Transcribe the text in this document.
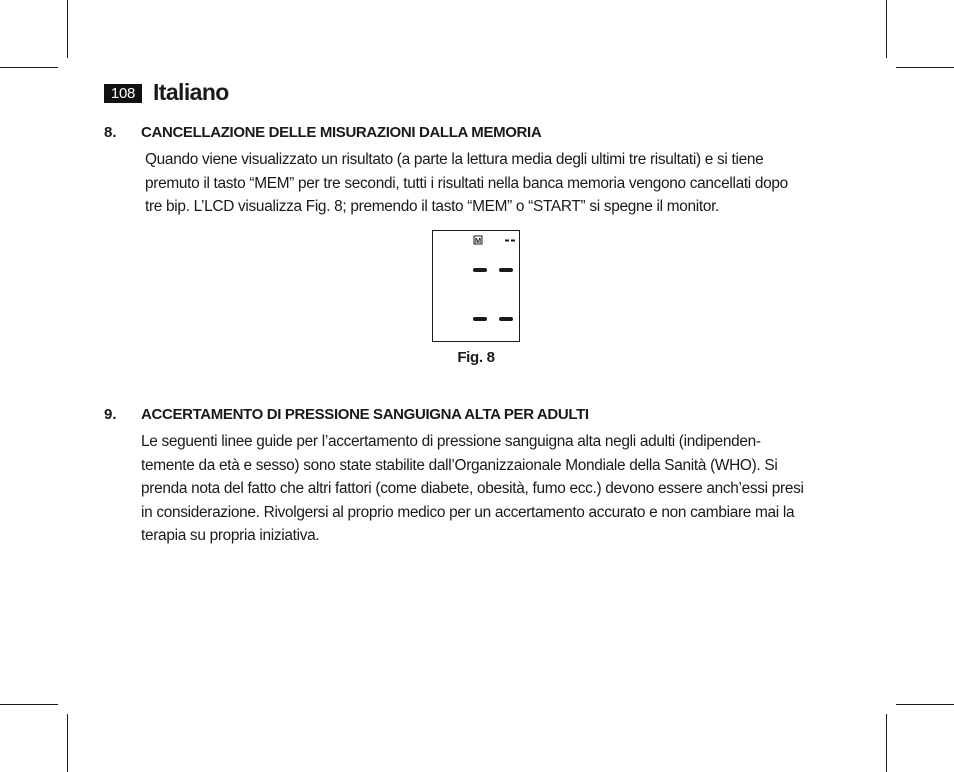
108 Italiano
8. CANCELLAZIONE DELLE MISURAZIONI DALLA MEMORIA
Quando viene visualizzato un risultato (a parte la lettura media degli ultimi tre risultati) e si tiene
premuto il tasto “MEM” per tre secondi, tutti i risultati nella banca memoria vengono cancellati dopo
tre bip. L’LCD visualizza Fig. 8; premendo il tasto “MEM” o “START” si spegne il monitor.
M
Fig. 8
9. ACCERTAMENTO DI PRESSIONE SANGUIGNA ALTA PER ADULTI
Le seguenti linee guide per l’accertamento di pressione sanguigna alta negli adulti (indipenden-
temente da età e sesso) sono state stabilite dall’Organizzaionale Mondiale della Sanità (WHO). Si
prenda nota del fatto che altri fattori (come diabete, obesità, fumo ecc.) devono essere anch’essi presi
in considerazione. Rivolgersi al proprio medico per un accertamento accurato e non cambiare mai la
terapia su propria iniziativa.
